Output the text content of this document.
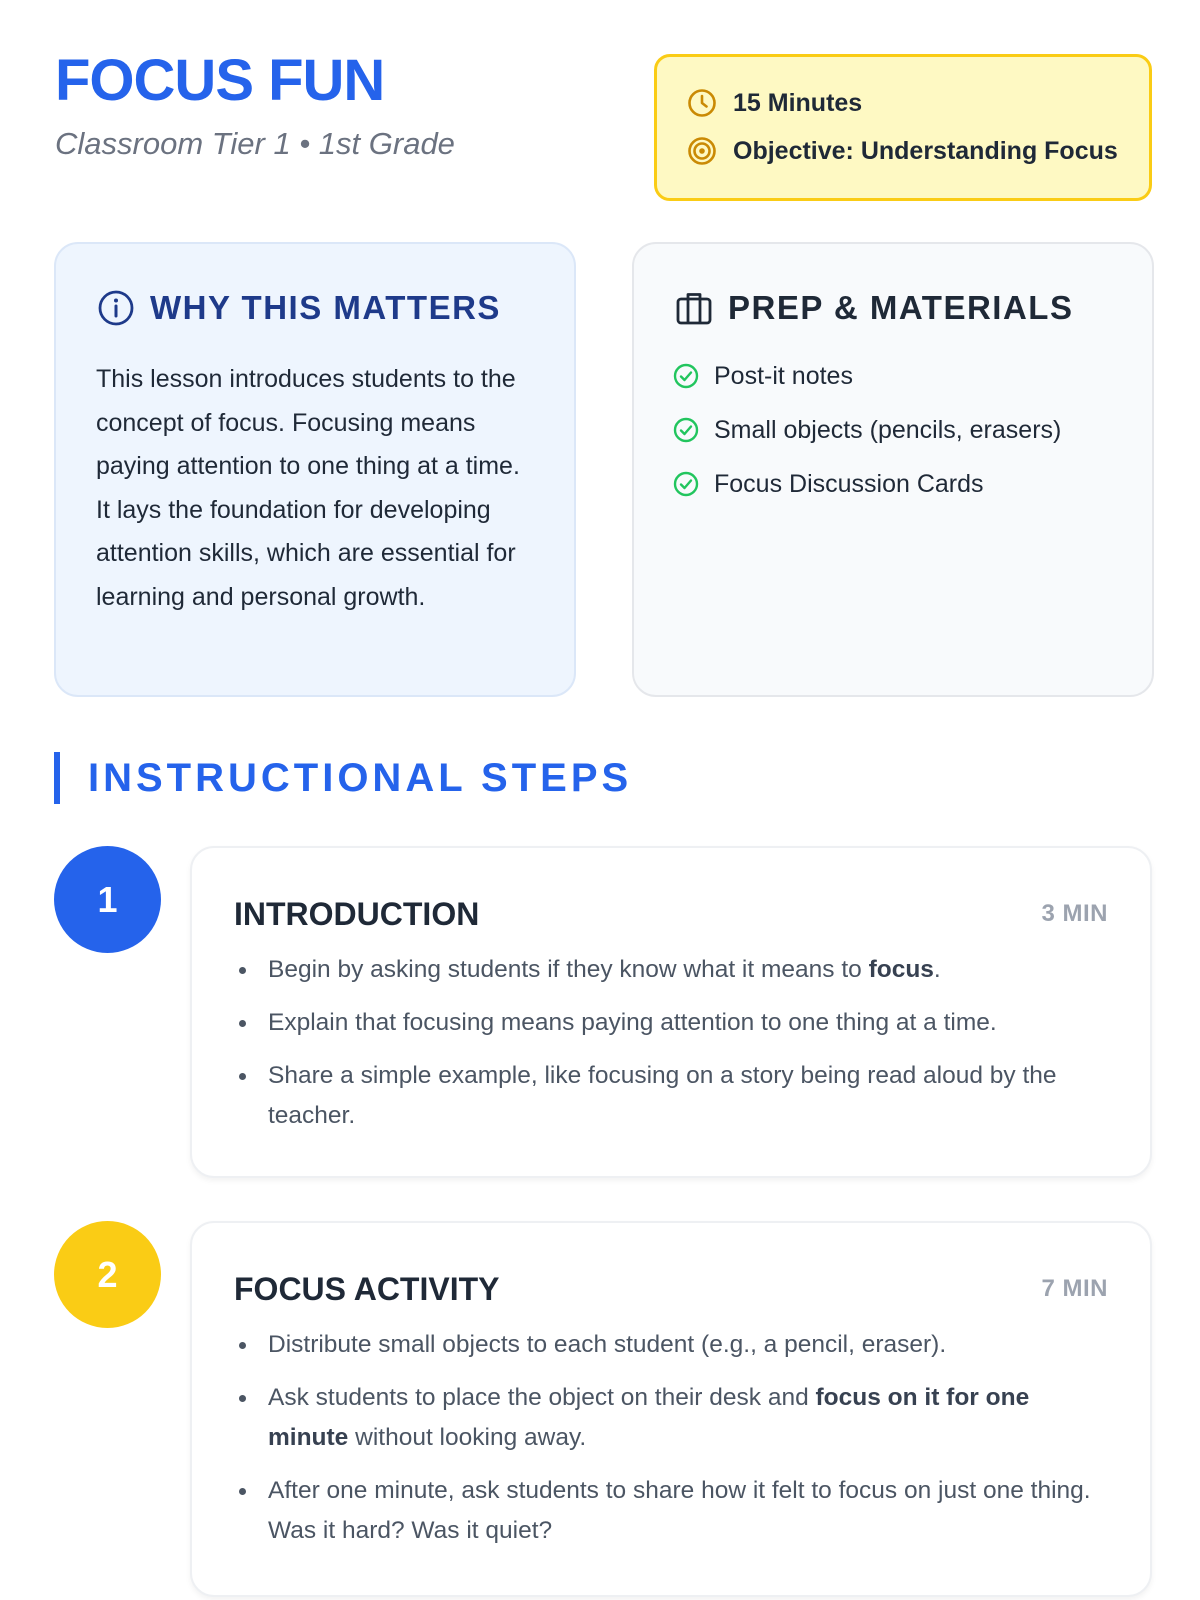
FOCUS FUN
Classroom Tier 1 • 1st Grade
15 Minutes
Objective: Understanding Focus
WHY THIS MATTERS

This lesson introduces students to the concept of focus. Focusing means paying attention to one thing at a time. It lays the foundation for developing attention skills, which are essential for learning and personal growth.

PREP & MATERIALS
Post-it notes
Small objects (pencils, erasers)
Focus Discussion Cards
INSTRUCTIONAL STEPS
1	INTRODUCTION	3 MIN
Begin by asking students if they know what it means to focus.
Explain that focusing means paying attention to one thing at a time.
Share a simple example, like focusing on a story being read aloud by the teacher.
2	FOCUS ACTIVITY	7 MIN
Distribute small objects to each student (e.g., a pencil, eraser).
Ask students to place the object on their desk and focus on it for one minute without looking away.
After one minute, ask students to share how it felt to focus on just one thing. Was it hard? Was it quiet?
